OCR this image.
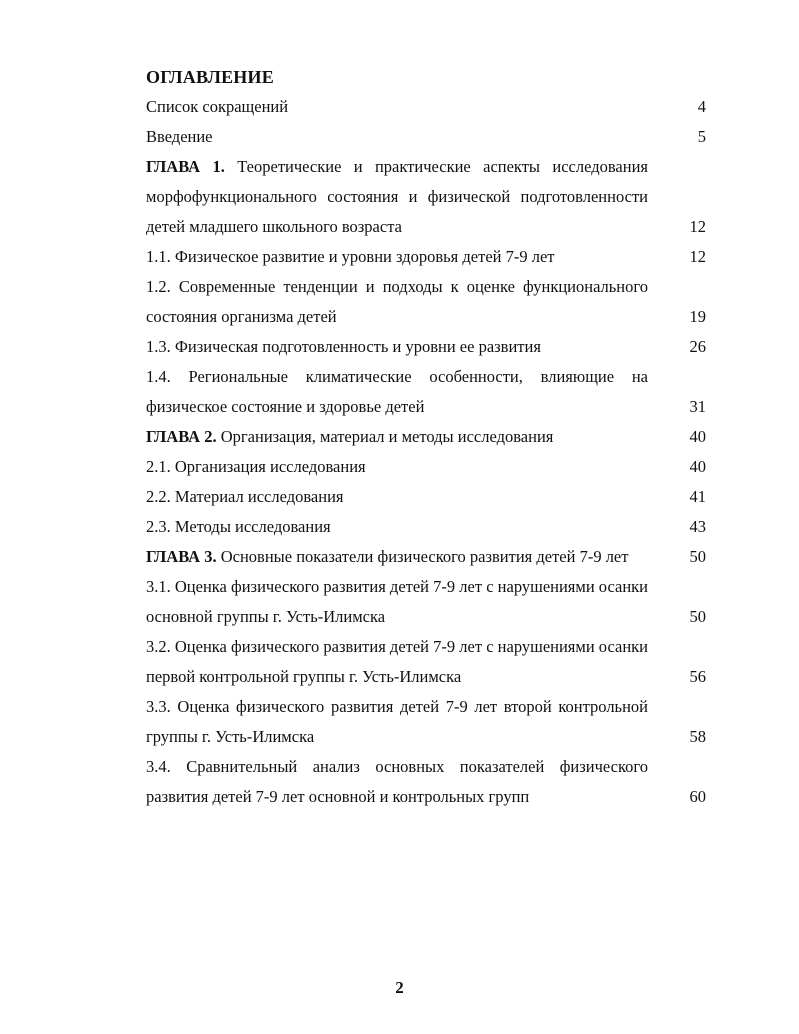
ОГЛАВЛЕНИЕ
Список сокращений	4
Введение	5
ГЛАВА 1. Теоретические и практические аспекты исследования морфофункционального состояния и физической подготовленности детей младшего школьного возраста	12
1.1. Физическое развитие и уровни здоровья детей 7-9 лет	12
1.2. Современные тенденции и подходы к оценке функционального состояния организма детей	19
1.3. Физическая подготовленность и уровни ее развития	26
1.4. Региональные климатические особенности, влияющие на физическое состояние и здоровье детей	31
ГЛАВА 2. Организация, материал и методы исследования	40
2.1. Организация исследования	40
2.2. Материал исследования	41
2.3. Методы исследования	43
ГЛАВА 3. Основные показатели физического развития детей 7-9 лет	50
3.1. Оценка физического развития детей 7-9 лет с нарушениями осанки основной группы г. Усть-Илимска	50
3.2. Оценка физического развития детей 7-9 лет с нарушениями осанки первой контрольной группы г. Усть-Илимска	56
3.3. Оценка физического развития детей 7-9 лет второй контрольной группы г. Усть-Илимска	58
3.4. Сравнительный анализ основных показателей физического развития детей 7-9 лет основной и контрольных групп	60
2
